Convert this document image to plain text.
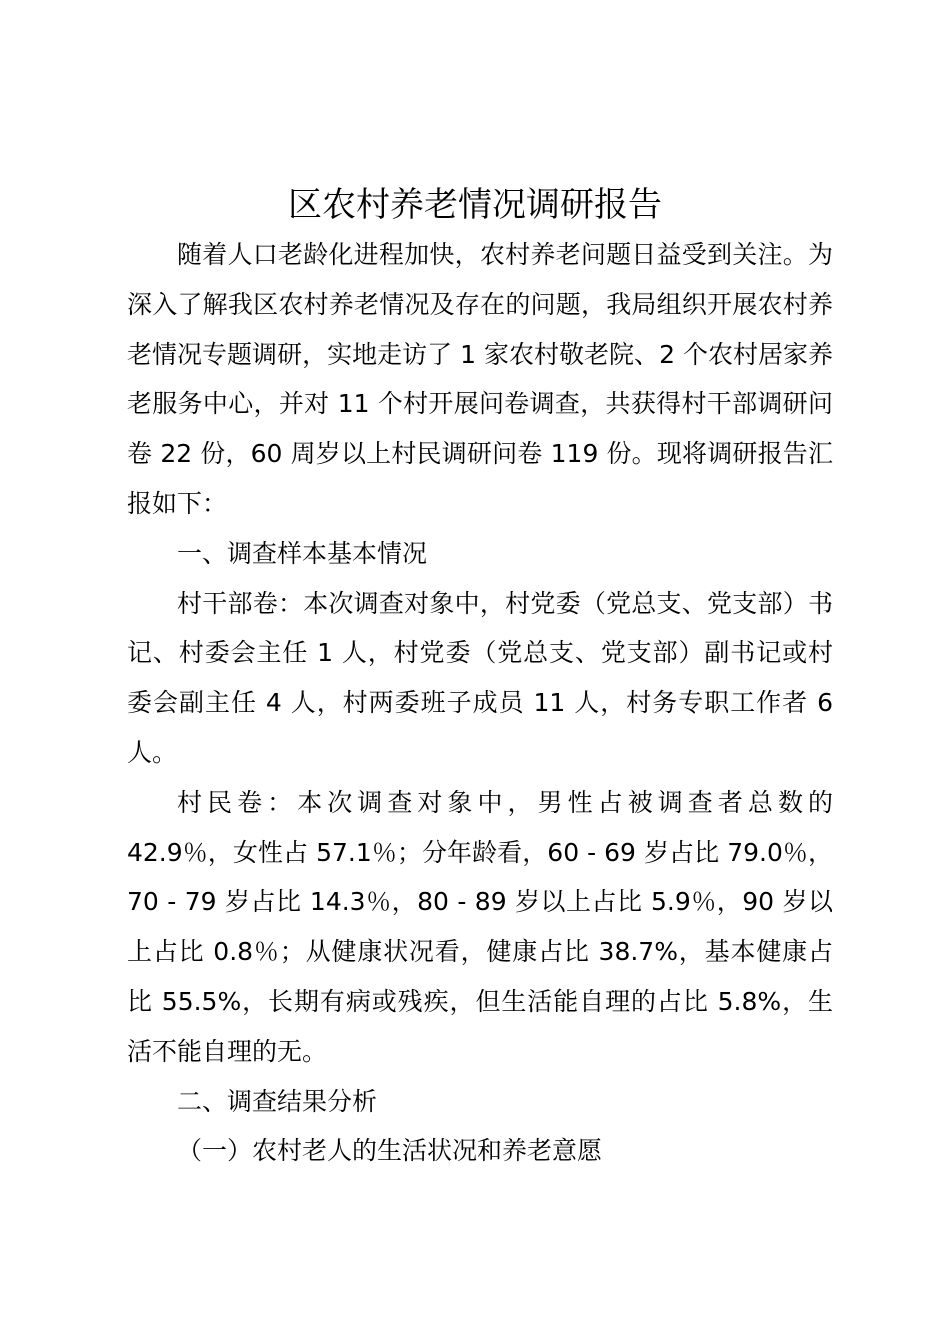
区农村养老情况调研报告

随着人口老龄化进程加快，农村养老问题日益受到关注。为深入了解我区农村养老情况及存在的问题，我局组织开展农村养老情况专题调研，实地走访了 1 家农村敬老院、2 个农村居家养老服务中心，并对 11 个村开展问卷调查，共获得村干部调研问卷 22 份，60 周岁以上村民调研问卷 119 份。现将调研报告汇报如下：

一、调查样本基本情况

村干部卷：本次调查对象中，村党委（党总支、党支部）书记、村委会主任 1 人，村党委（党总支、党支部）副书记或村委会副主任 4 人，村两委班子成员 11 人，村务专职工作者 6 人。

村民卷：本次调查对象中，男性占被调查者总数的 42.9％，女性占 57.1％；分年龄看，60 - 69 岁占比 79.0％，70 - 79 岁占比 14.3％，80 - 89 岁以上占比 5.9％，90 岁以上占比 0.8％；从健康状况看，健康占比 38.7%，基本健康占比 55.5%，长期有病或残疾，但生活能自理的占比 5.8%，生活不能自理的无。

二、调查结果分析

（一）农村老人的生活状况和养老意愿
